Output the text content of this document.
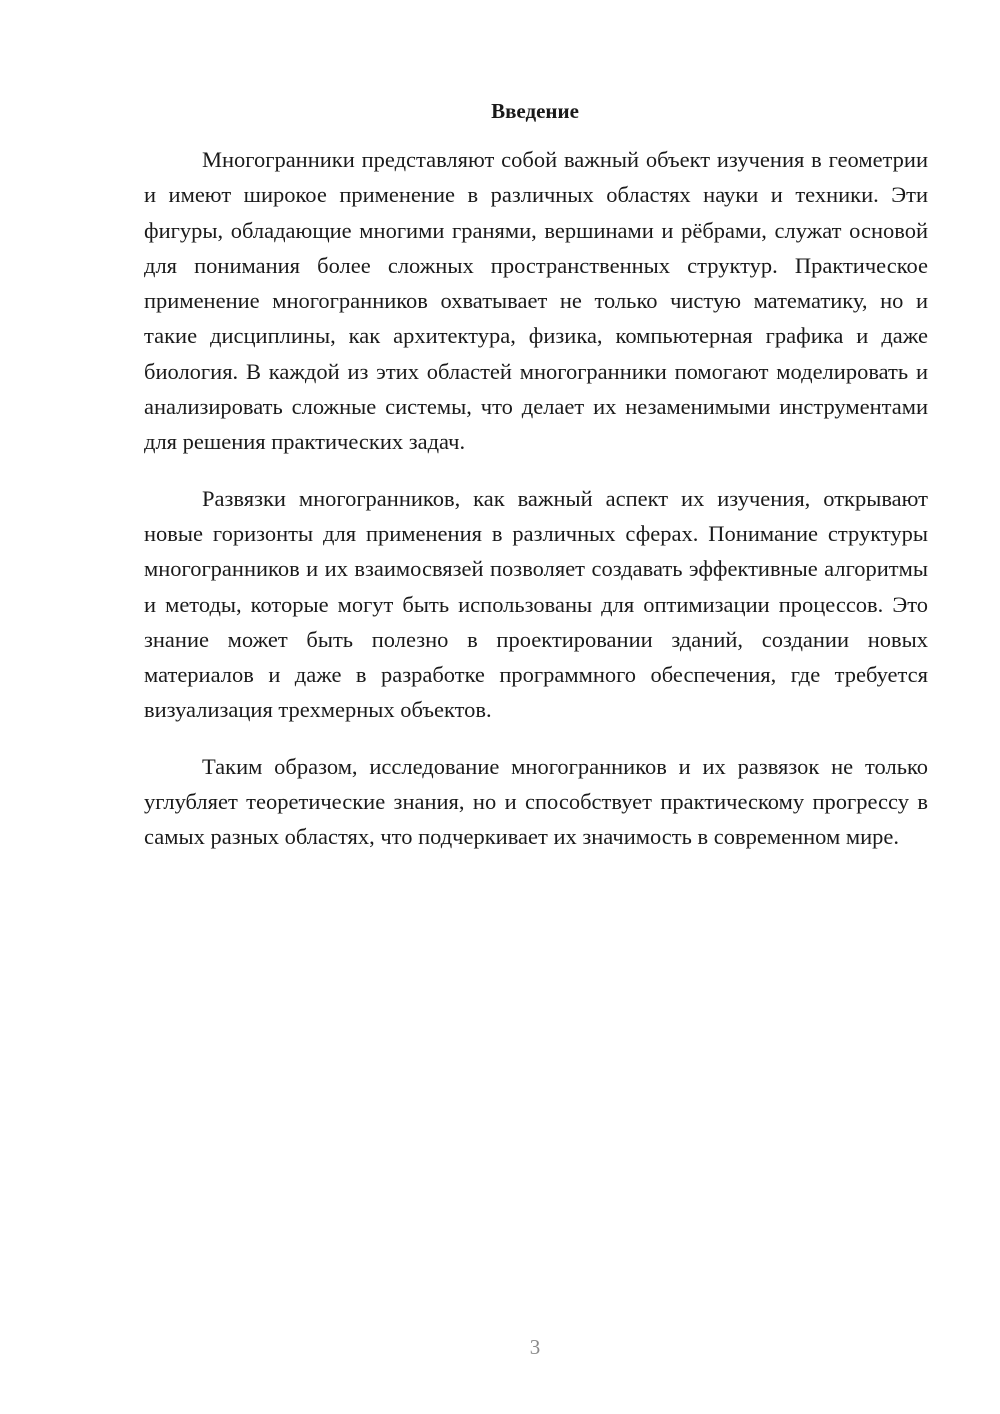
Введение

Многогранники представляют собой важный объект изучения в геометрии и имеют широкое применение в различных областях науки и техники. Эти фигуры, обладающие многими гранями, вершинами и рёбрами, служат основой для понимания более сложных пространственных структур. Практическое применение многогранников охватывает не только чистую математику, но и такие дисциплины, как архитектура, физика, компьютерная графика и даже биология. В каждой из этих областей многогранники помогают моделировать и анализировать сложные системы, что делает их незаменимыми инструментами для решения практических задач.

Развязки многогранников, как важный аспект их изучения, открывают новые горизонты для применения в различных сферах. Понимание структуры многогранников и их взаимосвязей позволяет создавать эффективные алгоритмы и методы, которые могут быть использованы для оптимизации процессов. Это знание может быть полезно в проектировании зданий, создании новых материалов и даже в разработке программного обеспечения, где требуется визуализация трехмерных объектов.

Таким образом, исследование многогранников и их развязок не только углубляет теоретические знания, но и способствует практическому прогрессу в самых разных областях, что подчеркивает их значимость в современном мире.

3
